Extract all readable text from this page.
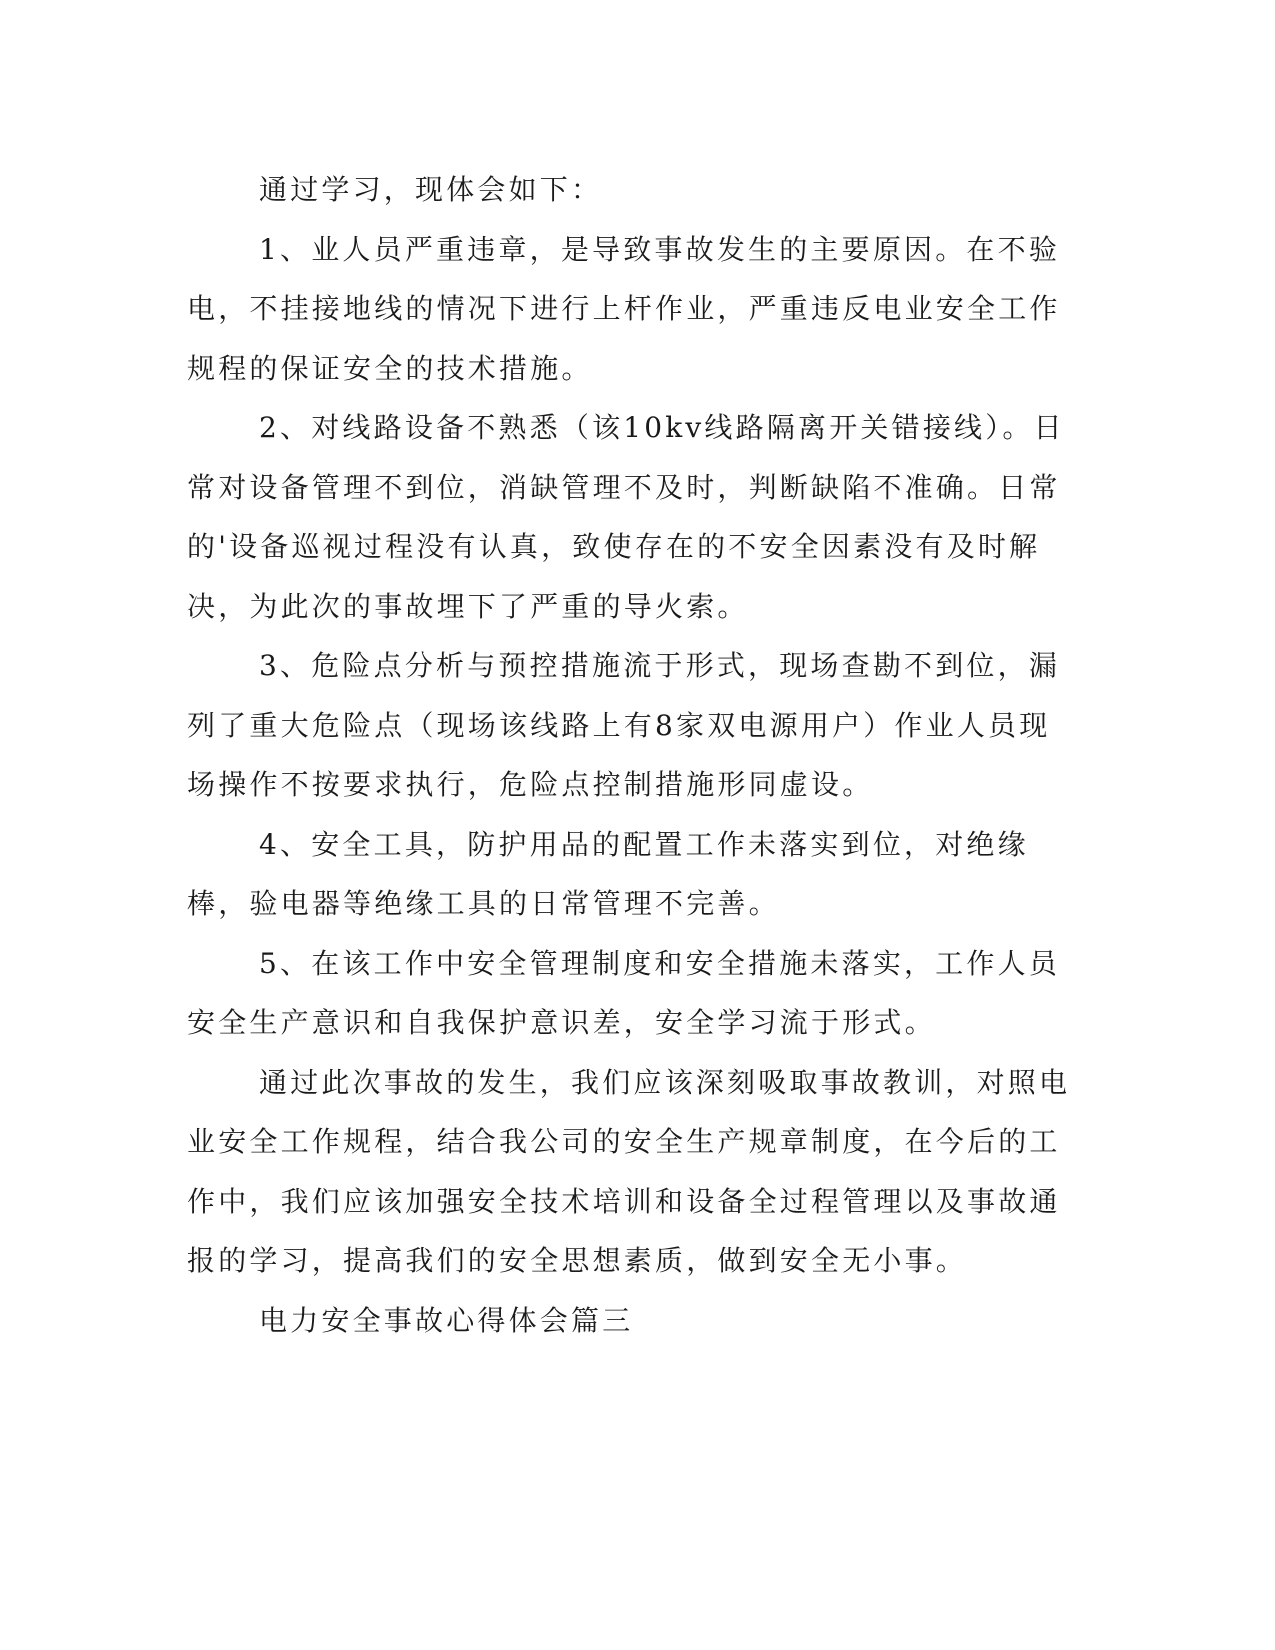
通过学习，现体会如下：

1、业人员严重违章，是导致事故发生的主要原因。在不验电，不挂接地线的情况下进行上杆作业，严重违反电业安全工作规程的保证安全的技术措施。

2、对线路设备不熟悉（该10kv线路隔离开关错接线）。日常对设备管理不到位，消缺管理不及时，判断缺陷不准确。日常的'设备巡视过程没有认真，致使存在的不安全因素没有及时解决，为此次的事故埋下了严重的导火索。

3、危险点分析与预控措施流于形式，现场查勘不到位，漏列了重大危险点（现场该线路上有8家双电源用户）作业人员现场操作不按要求执行，危险点控制措施形同虚设。

4、安全工具，防护用品的配置工作未落实到位，对绝缘棒，验电器等绝缘工具的日常管理不完善。

5、在该工作中安全管理制度和安全措施未落实，工作人员安全生产意识和自我保护意识差，安全学习流于形式。

通过此次事故的发生，我们应该深刻吸取事故教训，对照电业安全工作规程，结合我公司的安全生产规章制度，在今后的工作中，我们应该加强安全技术培训和设备全过程管理以及事故通报的学习，提高我们的安全思想素质，做到安全无小事。

电力安全事故心得体会篇三
